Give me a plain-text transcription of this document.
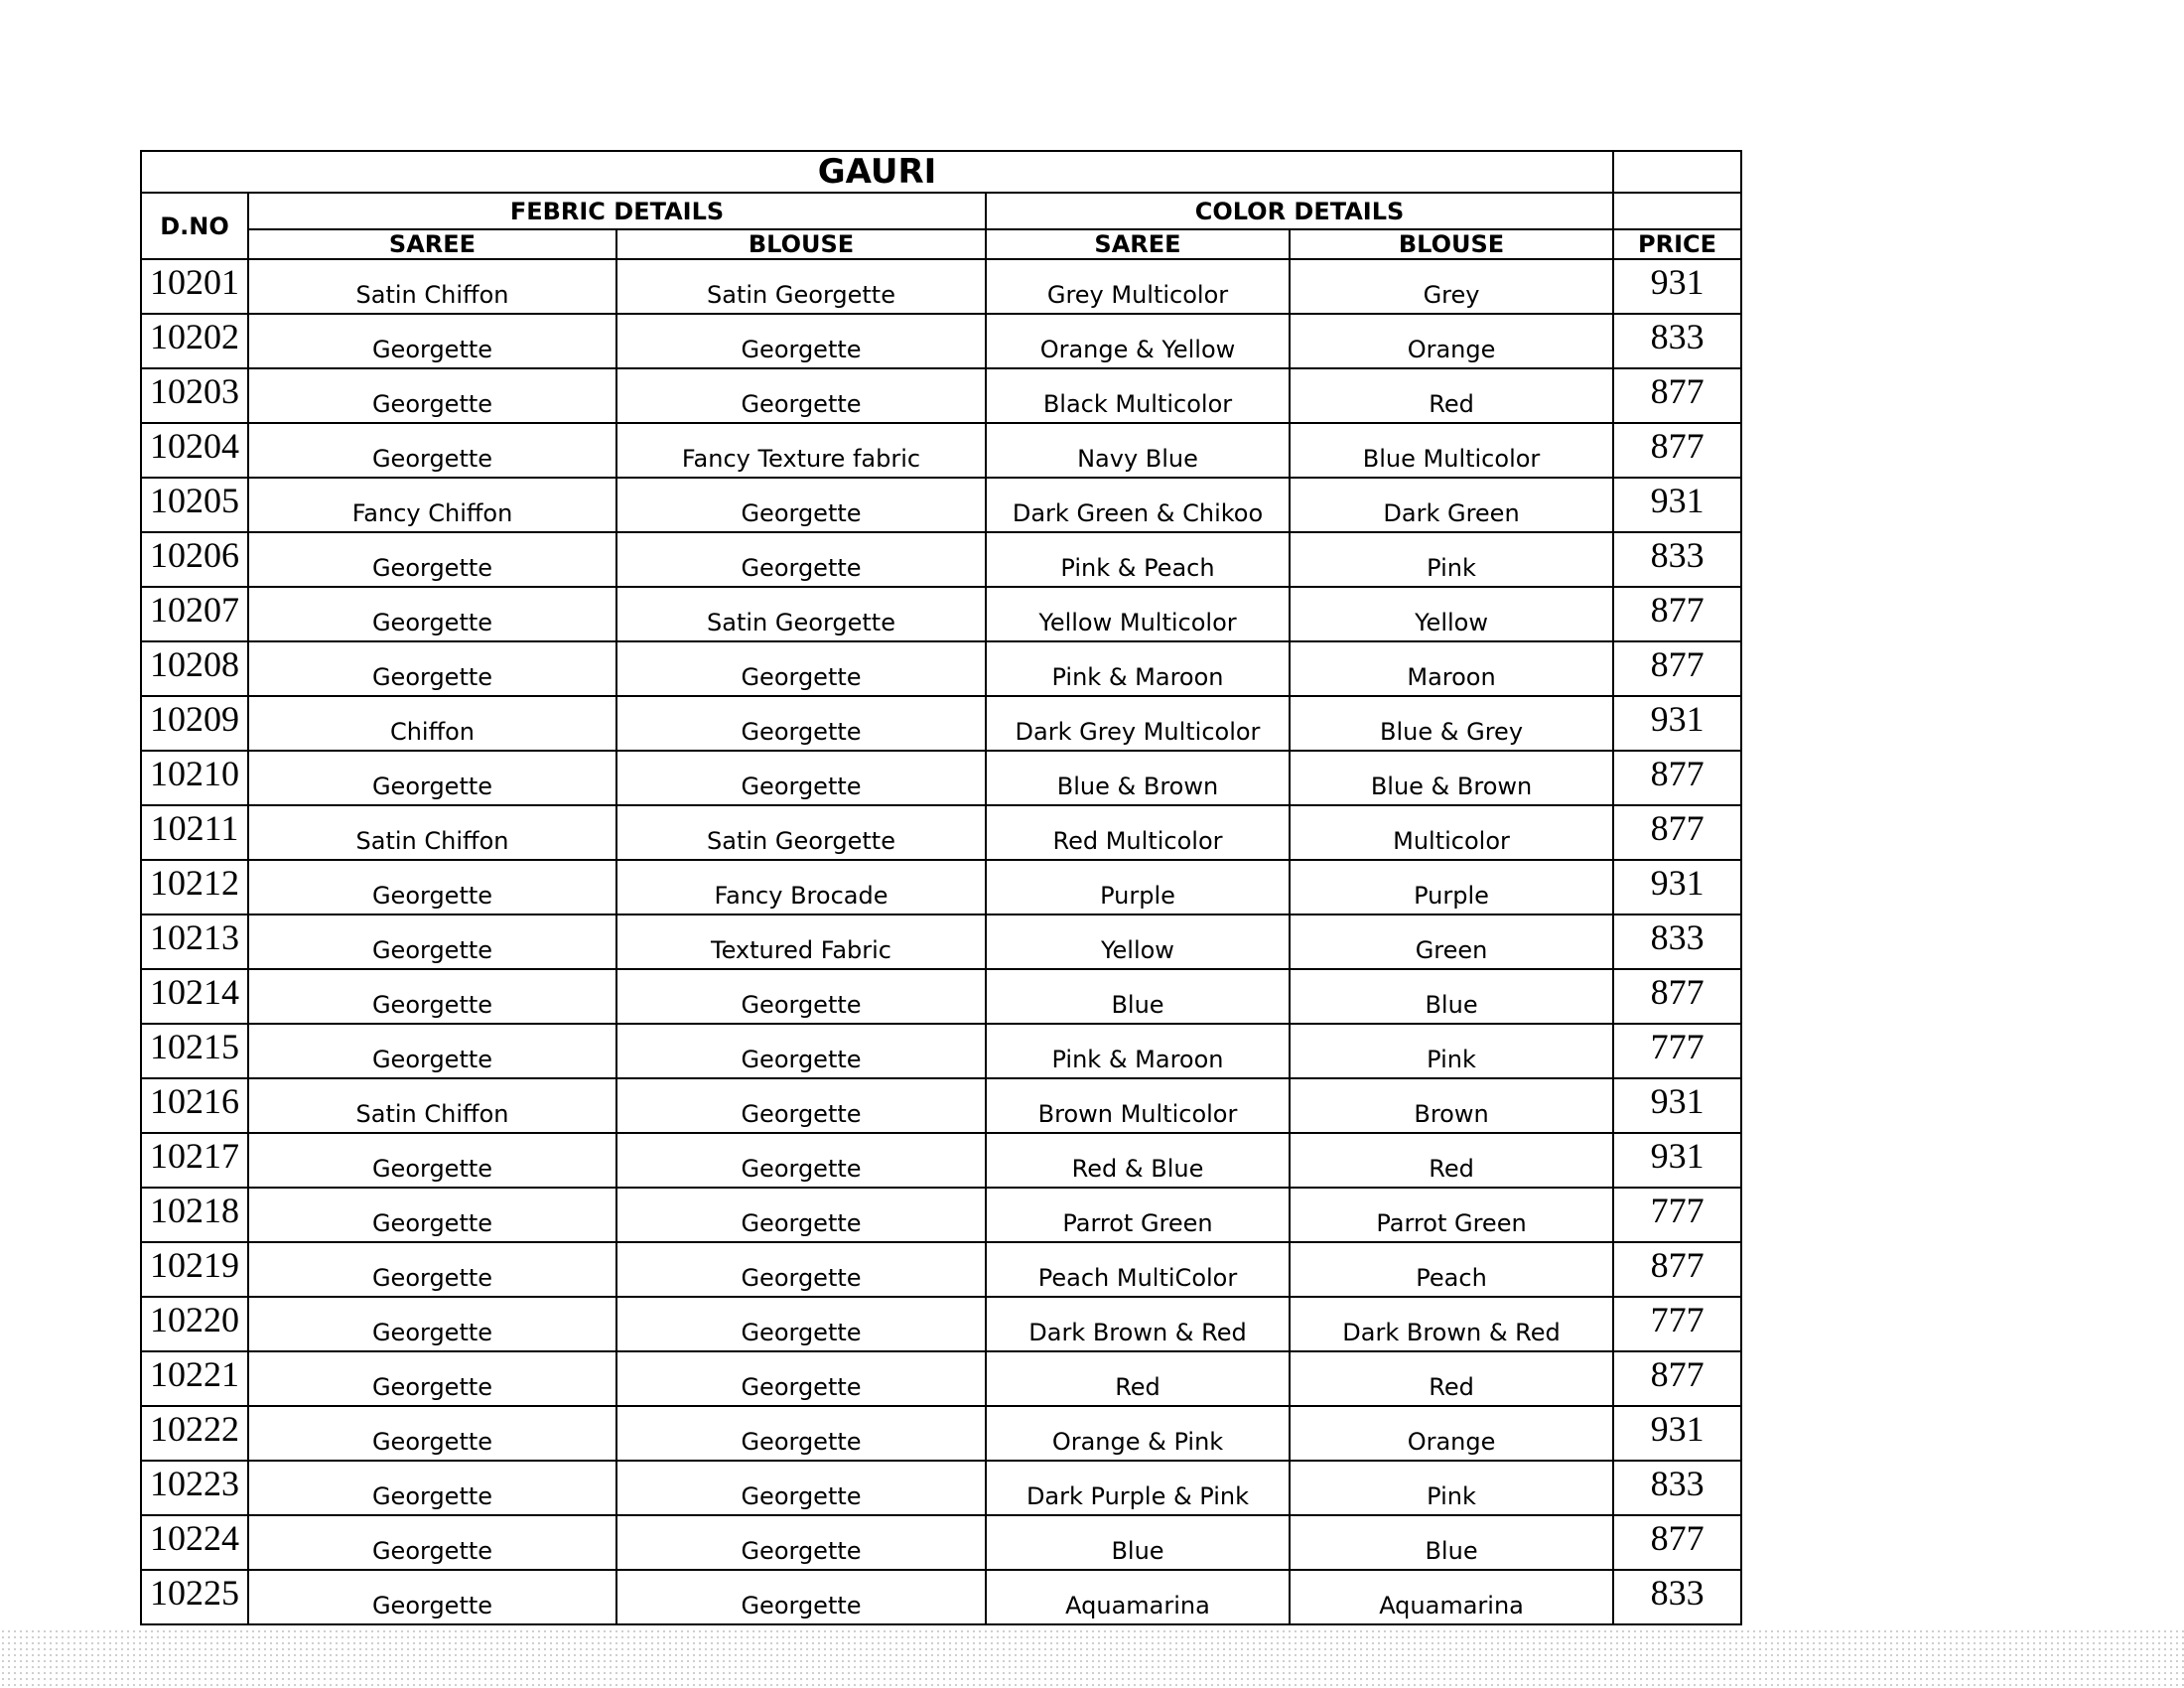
GAURI					
D.NO	FEBRIC DETAILS		COLOR DETAILS		
	SAREE	BLOUSE	SAREE	BLOUSE	PRICE
10201	Satin Chiffon	Satin Georgette	Grey Multicolor	Grey	931
10202	Georgette	Georgette	Orange & Yellow	Orange	833
10203	Georgette	Georgette	Black Multicolor	Red	877
10204	Georgette	Fancy Texture fabric	Navy Blue	Blue Multicolor	877
10205	Fancy Chiffon	Georgette	Dark Green & Chikoo	Dark Green	931
10206	Georgette	Georgette	Pink & Peach	Pink	833
10207	Georgette	Satin Georgette	Yellow Multicolor	Yellow	877
10208	Georgette	Georgette	Pink & Maroon	Maroon	877
10209	Chiffon	Georgette	Dark Grey Multicolor	Blue & Grey	931
10210	Georgette	Georgette	Blue & Brown	Blue & Brown	877
10211	Satin Chiffon	Satin Georgette	Red Multicolor	Multicolor	877
10212	Georgette	Fancy Brocade	Purple	Purple	931
10213	Georgette	Textured Fabric	Yellow	Green	833
10214	Georgette	Georgette	Blue	Blue	877
10215	Georgette	Georgette	Pink & Maroon	Pink	777
10216	Satin Chiffon	Georgette	Brown Multicolor	Brown	931
10217	Georgette	Georgette	Red & Blue	Red	931
10218	Georgette	Georgette	Parrot Green	Parrot Green	777
10219	Georgette	Georgette	Peach MultiColor	Peach	877
10220	Georgette	Georgette	Dark Brown & Red	Dark Brown & Red	777
10221	Georgette	Georgette	Red	Red	877
10222	Georgette	Georgette	Orange & Pink	Orange	931
10223	Georgette	Georgette	Dark Purple & Pink	Pink	833
10224	Georgette	Georgette	Blue	Blue	877
10225	Georgette	Georgette	Aquamarina	Aquamarina	833
